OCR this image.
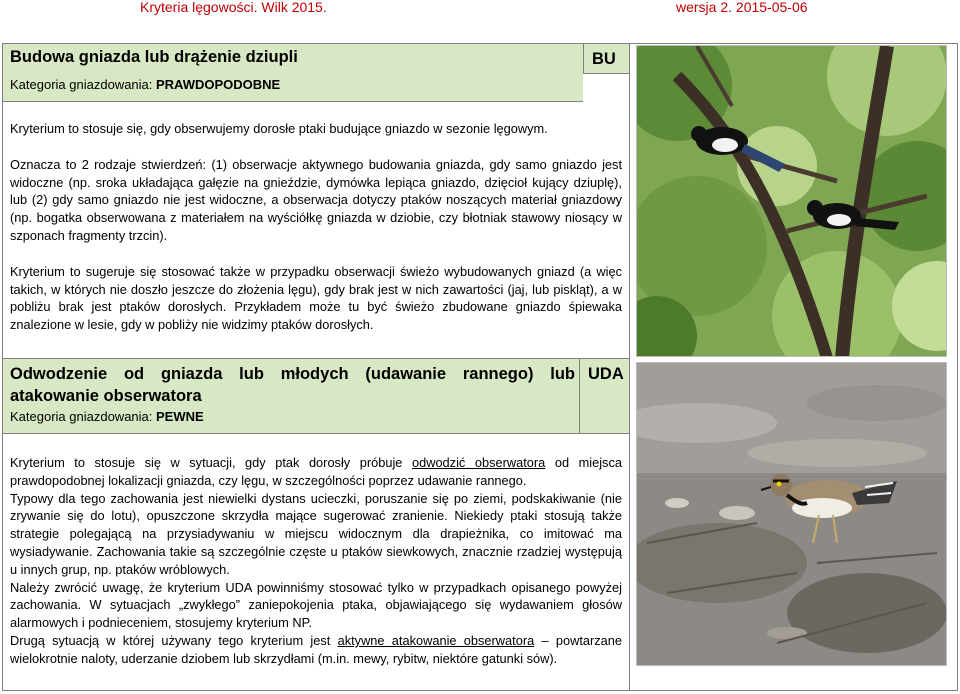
Kryteria lęgowości. Wilk 2015.	wersja 2. 2015-05-06
Budowa gniazda lub drążenie dziupli
Kategoria gniazdowania: PRAWDOPODOBNE
BU

Kryterium to stosuje się, gdy obserwujemy dorosłe ptaki budujące gniazdo w sezonie lęgowym.

Oznacza to 2 rodzaje stwierdzeń: (1) obserwacje aktywnego budowania gniazda, gdy samo gniazdo jest widoczne (np. sroka układająca gałęzie na gnieździe, dymówka lepiąca gniazdo, dzięcioł kujący dziuplę), lub (2) gdy samo gniazdo nie jest widoczne, a obserwacja dotyczy ptaków noszących materiał gniazdowy (np. bogatka obserwowana z materiałem na wyściółkę gniazda w dziobie, czy błotniak stawowy niosący w szponach fragmenty trzcin).

Kryterium to sugeruje się stosować także w przypadku obserwacji świeżo wybudowanych gniazd (a więc takich, w których nie doszło jeszcze do złożenia lęgu), gdy brak jest w nich zawartości (jaj, lub piskląt), a w pobliżu brak jest ptaków dorosłych. Przykładem może tu być świeżo zbudowane gniazdo śpiewaka znalezione w lesie, gdy w pobliży nie widzimy ptaków dorosłych.

Odwodzenie od gniazda lub młodych (udawanie rannego) lub atakowanie obserwatora
Kategoria gniazdowania: PEWNE
UDA

Kryterium to stosuje się w sytuacji, gdy ptak dorosły próbuje odwodzić obserwatora od miejsca prawdopodobnej lokalizacji gniazda, czy lęgu, w szczególności poprzez udawanie rannego.

Typowy dla tego zachowania jest niewielki dystans ucieczki, poruszanie się po ziemi, podskakiwanie (nie zrywanie się do lotu), opuszczone skrzydła mające sugerować zranienie. Niekiedy ptaki stosują także strategie polegającą na przysiadywaniu w miejscu widocznym dla drapieżnika, co imitować ma wysiadywanie. Zachowania takie są szczególnie częste u ptaków siewkowych, znacznie rzadziej występują u innych grup, np. ptaków wróblowych.

Należy zwrócić uwagę, że kryterium UDA powinniśmy stosować tylko w przypadkach opisanego powyżej zachowania. W sytuacjach „zwykłego” zaniepokojenia ptaka, objawiającego się wydawaniem głosów alarmowych i podnieceniem, stosujemy kryterium NP.

Drugą sytuacją w której używany tego kryterium jest aktywne atakowanie obserwatora – powtarzane wielokrotnie naloty, uderzanie dziobem lub skrzydłami (m.in. mewy, rybitw, niektóre gatunki sów).
